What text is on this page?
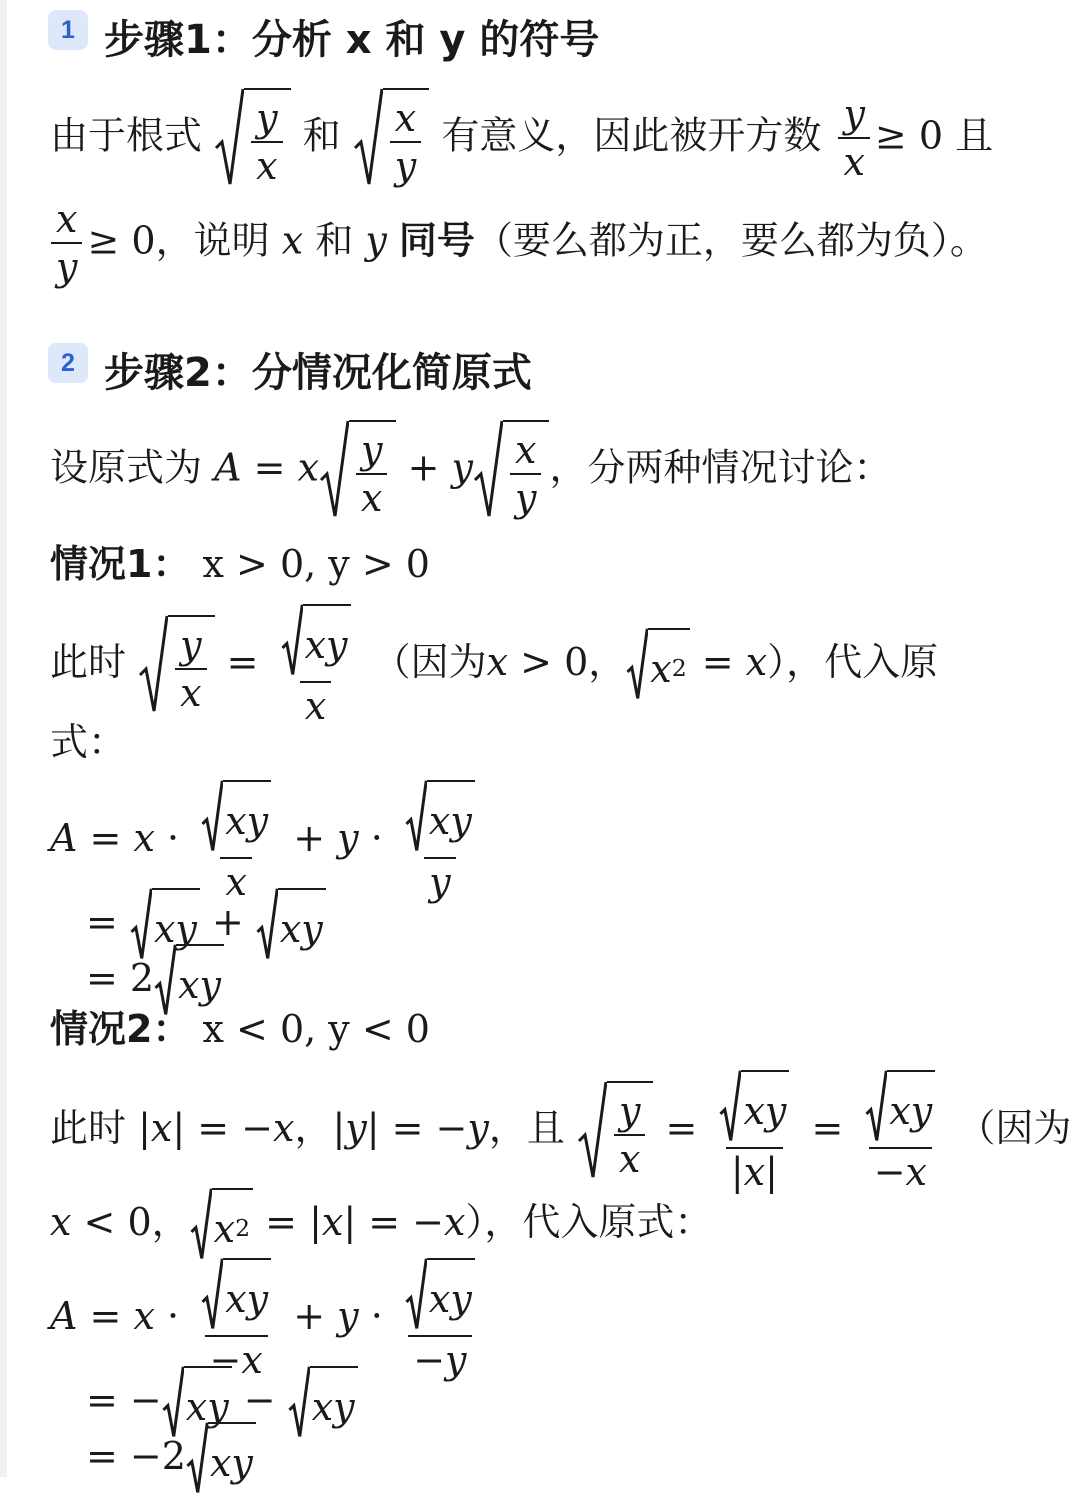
1 步骤1：分析 x 和 y 的符号
由于根式 y
x
和 x
y
有意义，因此被开方数 $\frac{y}{x} \ge 0$ 且
$\frac{x}{y} \ge 0$，说明 x 和 y 同号（要么都为正，要么都为负）。
2 步骤2：分情况化简原式
设原式为 A = x y
x
+ y x
y
，分两种情况讨论：
情况1： x > 0, y > 0
此时 y
x
= $\frac{xy}{x}$ （因为x > 0， x 2 = x），代入原
式：
$A = x \cdot \frac{xy}{x} + y \cdot \frac{xy}{y}$
= xy + xy
= 2 xy
情况2： x < 0, y < 0
此时 |x| = −x，|y| = −y，且 y
x
= $\frac{xy}{|x|} = \frac{xy}{-x}$ （因为
x < 0， x 2 = |x| = −x），代入原式：
$A = x \cdot \frac{xy}{-x} + y \cdot \frac{xy}{-y}$
= − xy − xy
= −2 xy
